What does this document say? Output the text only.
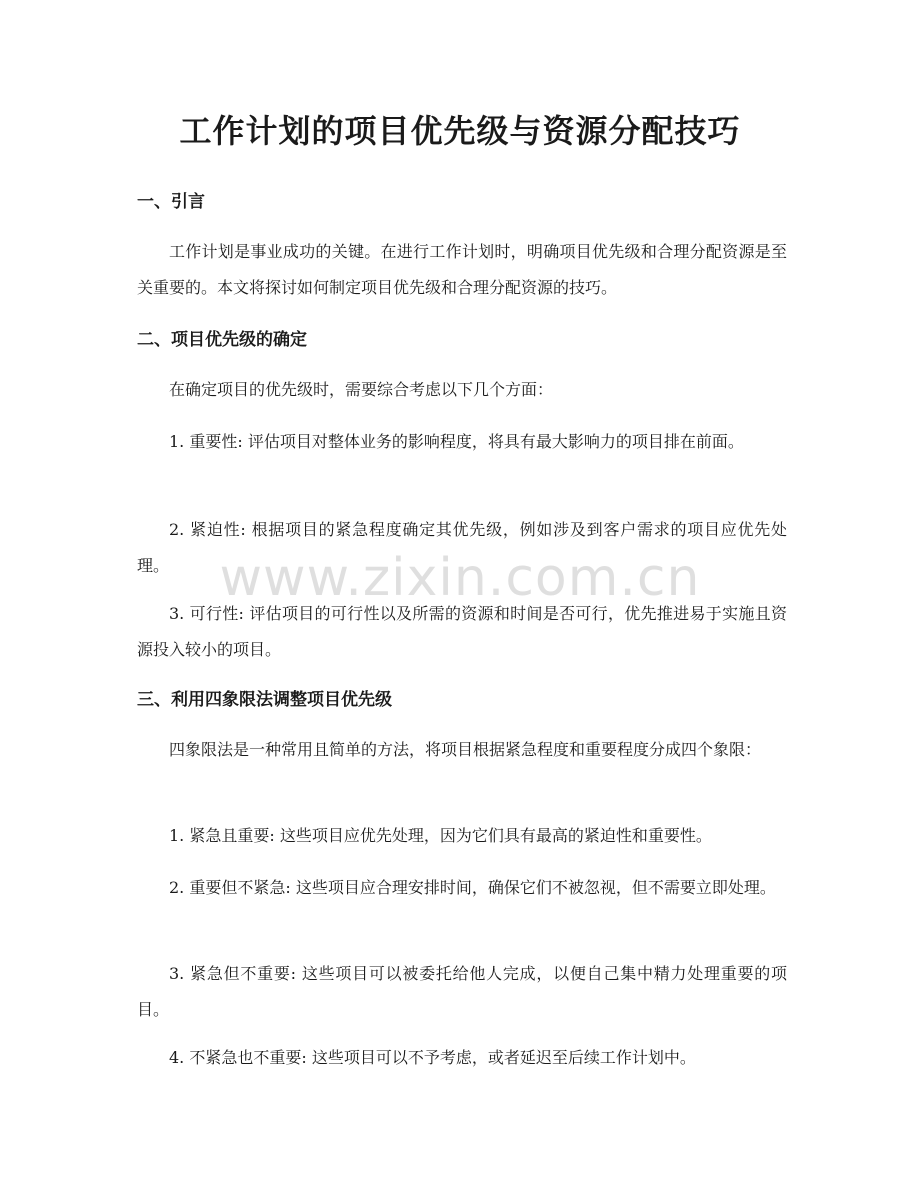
工作计划的项目优先级与资源分配技巧
一、引言
工作计划是事业成功的关键。在进行工作计划时，明确项目优先级和合理分配资源是至关重要的。本文将探讨如何制定项目优先级和合理分配资源的技巧。
二、项目优先级的确定
在确定项目的优先级时，需要综合考虑以下几个方面：
1. 重要性: 评估项目对整体业务的影响程度，将具有最大影响力的项目排在前面。
2. 紧迫性: 根据项目的紧急程度确定其优先级，例如涉及到客户需求的项目应优先处理。
3. 可行性: 评估项目的可行性以及所需的资源和时间是否可行，优先推进易于实施且资源投入较小的项目。
三、利用四象限法调整项目优先级
四象限法是一种常用且简单的方法，将项目根据紧急程度和重要程度分成四个象限：
1. 紧急且重要: 这些项目应优先处理，因为它们具有最高的紧迫性和重要性。
2. 重要但不紧急: 这些项目应合理安排时间，确保它们不被忽视，但不需要立即处理。
3. 紧急但不重要: 这些项目可以被委托给他人完成，以便自己集中精力处理重要的项目。
4. 不紧急也不重要: 这些项目可以不予考虑，或者延迟至后续工作计划中。
www.zixin.com.cn
